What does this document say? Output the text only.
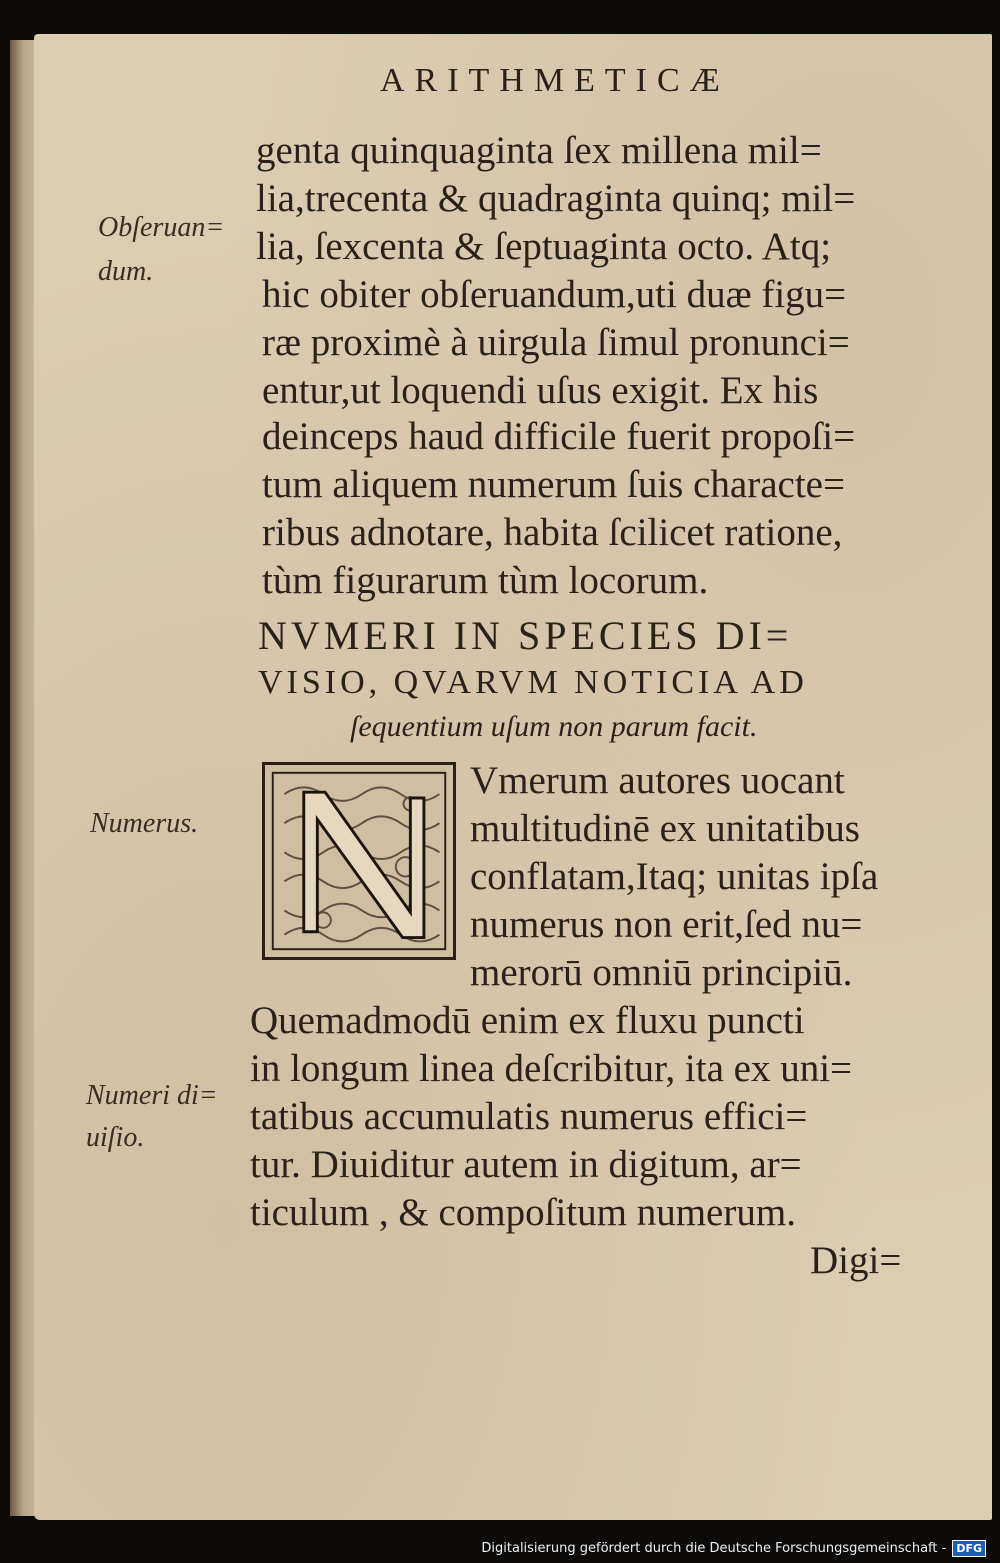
ARITHMETICÆ
genta quinquaginta ſex millena mil=
lia,trecenta & quadraginta quinq; mil=
lia, ſexcenta & ſeptuaginta octo. Atq;
hic obiter obſeruandum,uti duæ figu=
ræ proximè à uirgula ſimul pronunci=
entur,ut loquendi uſus exigit. Ex his
deinceps haud difficile fuerit propoſi=
tum aliquem numerum ſuis characte=
ribus adnotare, habita ſcilicet ratione,
tùm figurarum tùm locorum.
NVMERI IN SPECIES DI=
VISIO, QVARVM NOTICIA AD
ſequentium uſum non parum facit.
Vmerum autores uocant
multitudinē ex unitatibus
conflatam,Itaq; unitas ipſa
numerus non erit,ſed nu=
merorū omniū principiū.
Quemadmodū enim ex fluxu puncti
in longum linea deſcribitur, ita ex uni=
tatibus accumulatis numerus effici=
tur. Diuiditur autem in digitum, ar=
ticulum , & compoſitum numerum.
Digi=
Obſeruan=
dum.
Numerus.
Numeri di=
uiſio.
Digitalisierung gefördert durch die Deutsche Forschungsgemeinschaft - DFG
